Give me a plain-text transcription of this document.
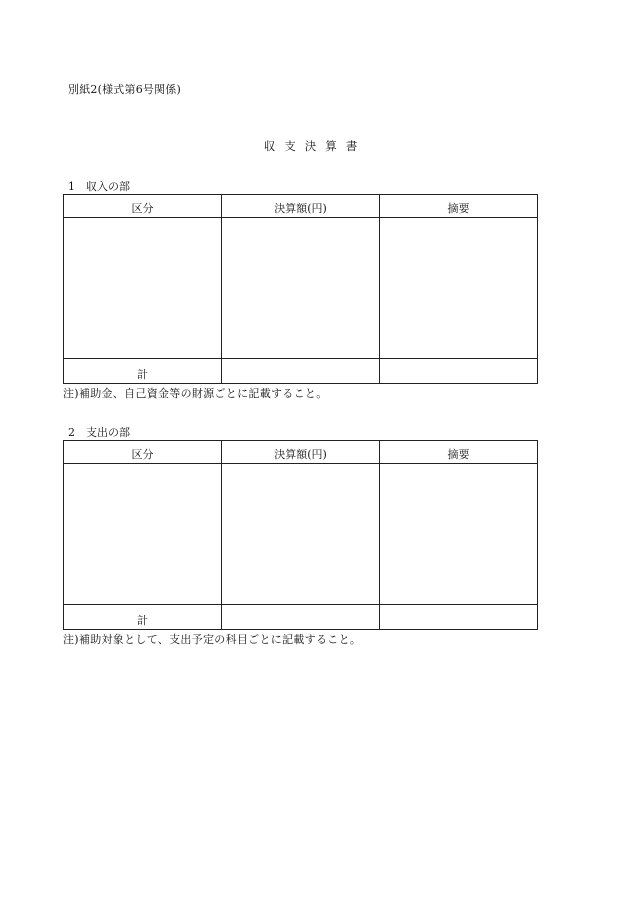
別紙2(様式第6号関係)
収支決算書
1 収入の部
区分	決算額(円)	摘要

計		
注)補助金、自己資金等の財源ごとに記載すること。
2 支出の部
区分	決算額(円)	摘要

計		
注)補助対象として、支出予定の科目ごとに記載すること。
